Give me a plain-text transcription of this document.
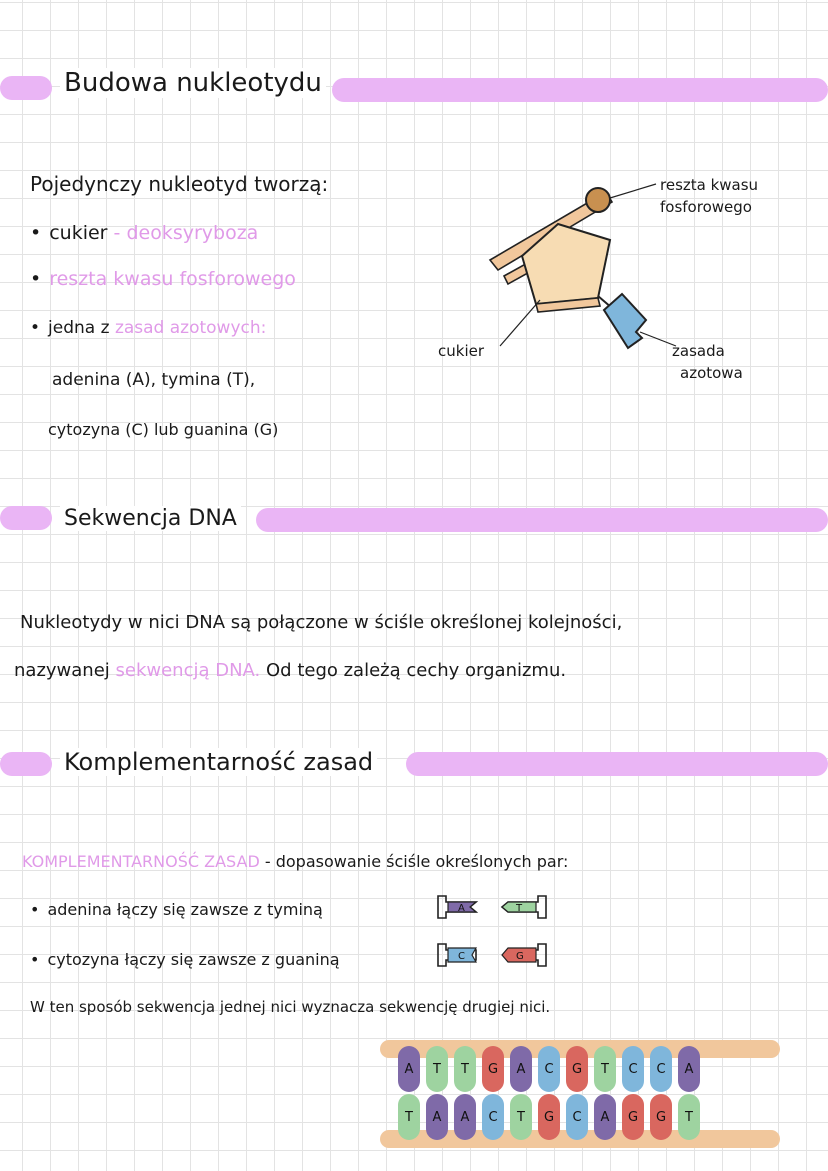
Budowa nukleotydu
Pojedynczy nukleotyd tworzą:
• cukier - deoksyryboza
• reszta kwasu fosforowego
• jedna z zasad azotowych:
adenina (A), tymina (T),
cytozyna (C) lub guanina (G)
reszta kwasu
fosforowego
cukier	zasada
azotowa
Sekwencja DNA
Nukleotydy w nici DNA są połączone w ściśle określonej kolejności,
nazywanej sekwencją DNA. Od tego zależą cechy organizmu.
Komplementarność zasad
KOMPLEMENTARNOŚĆ ZASAD - dopasowanie ściśle określonych par:
• adenina łączy się zawsze z tyminą
• cytozyna łączy się zawsze z guaniną
A	T
C	G
W ten sposób sekwencja jednej nici wyznacza sekwencję drugiej nici.
A	T	T	G	A	C	G	T	C	C	A
T	A	A	C	T	G	C	A	G	G	T
